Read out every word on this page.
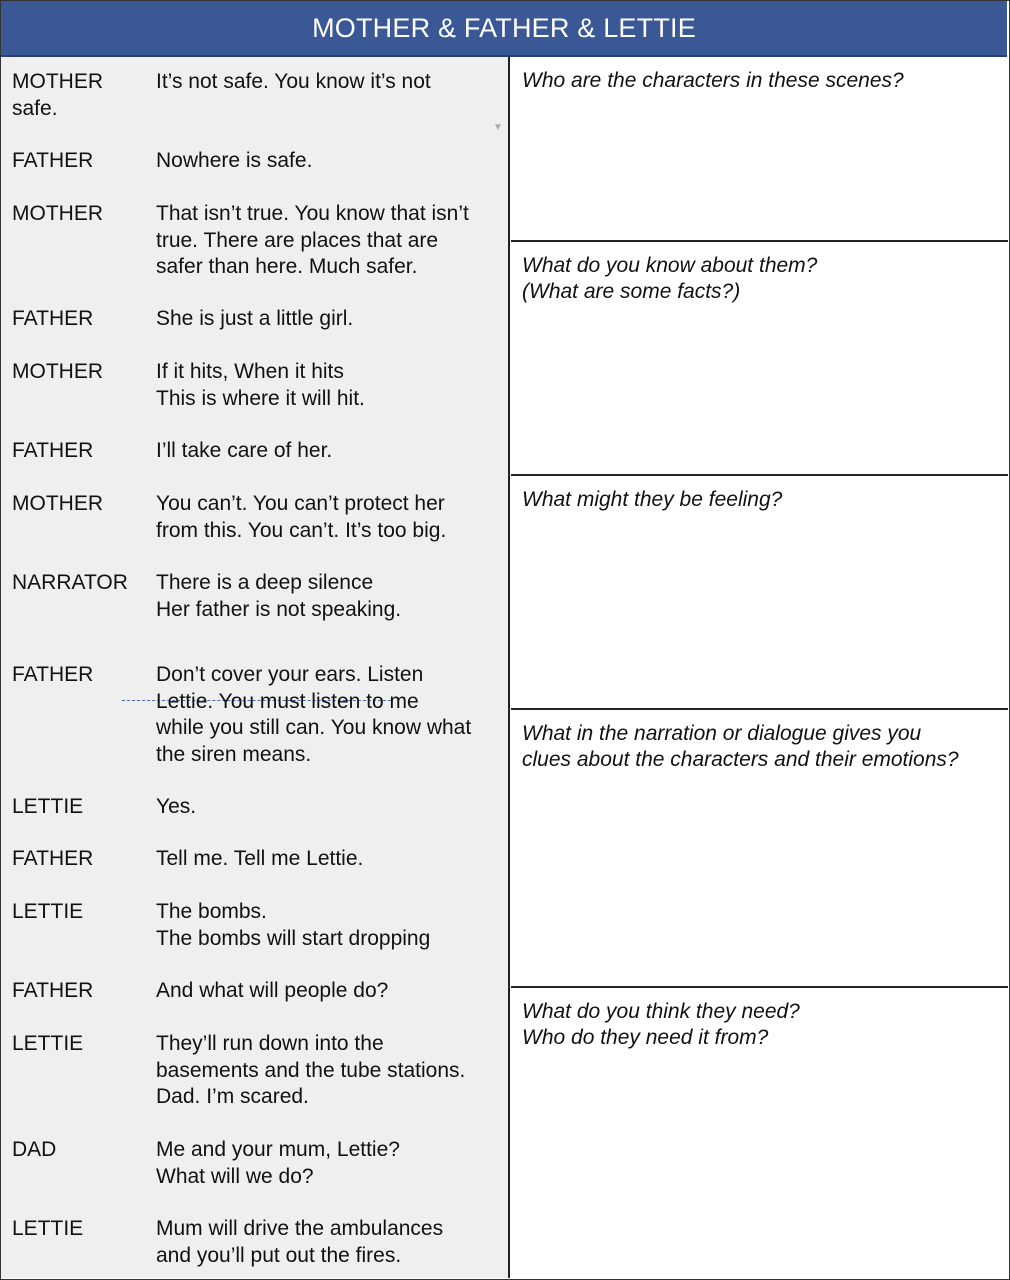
MOTHER & FATHER & LETTIE
▼
MOTHER	It’s not safe. You know it’s not
safe.
FATHER	Nowhere is safe.
MOTHER	That isn’t true. You know that isn’t
true. There are places that are
safer than here. Much safer.
FATHER	She is just a little girl.
MOTHER	If it hits, When it hits
This is where it will hit.
FATHER	I’ll take care of her.
MOTHER	You can’t. You can’t protect her
from this. You can’t. It’s too big.
NARRATOR There is a deep silence
Her father is not speaking.
FATHER	Don’t cover your ears. Listen
Lettie. You must listen to me
while you still can. You know what
the siren means.
LETTIE	Yes.
FATHER	Tell me. Tell me Lettie.
LETTIE	The bombs.
The bombs will start dropping
FATHER	And what will people do?
LETTIE	They’ll run down into the
basements and the tube stations.
Dad. I’m scared.
DAD	Me and your mum, Lettie?
What will we do?
LETTIE	Mum will drive the ambulances
and you’ll put out the fires.
Who are the characters in these scenes?
What do you know about them?
(What are some facts?)
What might they be feeling?
What in the narration or dialogue gives you
clues about the characters and their emotions?
What do you think they need?
Who do they need it from?
